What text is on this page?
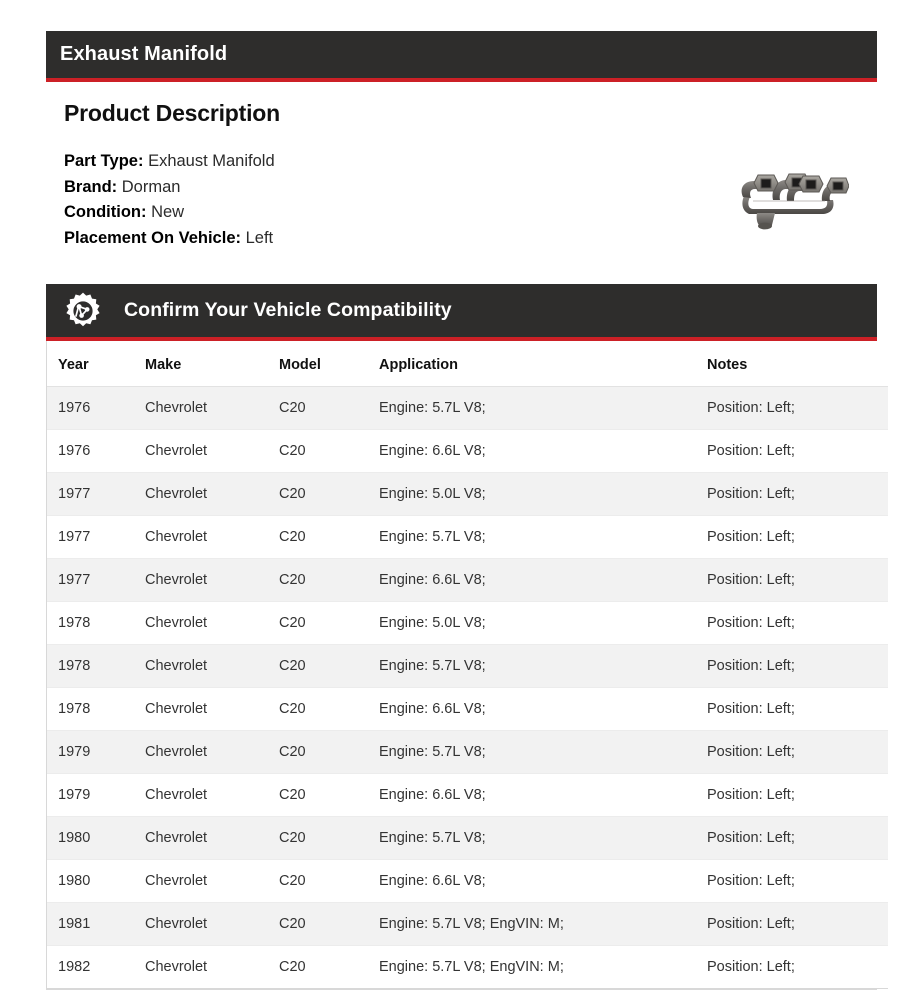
Exhaust Manifold
Product Description
Part Type: Exhaust Manifold
Brand: Dorman
Condition: New
Placement On Vehicle: Left
Confirm Your Vehicle Compatibility
Year	Make	Model	Application	Notes
1976	Chevrolet	C20	Engine: 5.7L V8;	Position: Left;
1976	Chevrolet	C20	Engine: 6.6L V8;	Position: Left;
1977	Chevrolet	C20	Engine: 5.0L V8;	Position: Left;
1977	Chevrolet	C20	Engine: 5.7L V8;	Position: Left;
1977	Chevrolet	C20	Engine: 6.6L V8;	Position: Left;
1978	Chevrolet	C20	Engine: 5.0L V8;	Position: Left;
1978	Chevrolet	C20	Engine: 5.7L V8;	Position: Left;
1978	Chevrolet	C20	Engine: 6.6L V8;	Position: Left;
1979	Chevrolet	C20	Engine: 5.7L V8;	Position: Left;
1979	Chevrolet	C20	Engine: 6.6L V8;	Position: Left;
1980	Chevrolet	C20	Engine: 5.7L V8;	Position: Left;
1980	Chevrolet	C20	Engine: 6.6L V8;	Position: Left;
1981	Chevrolet	C20	Engine: 5.7L V8; EngVIN: M;	Position: Left;
1982	Chevrolet	C20	Engine: 5.7L V8; EngVIN: M;	Position: Left;
